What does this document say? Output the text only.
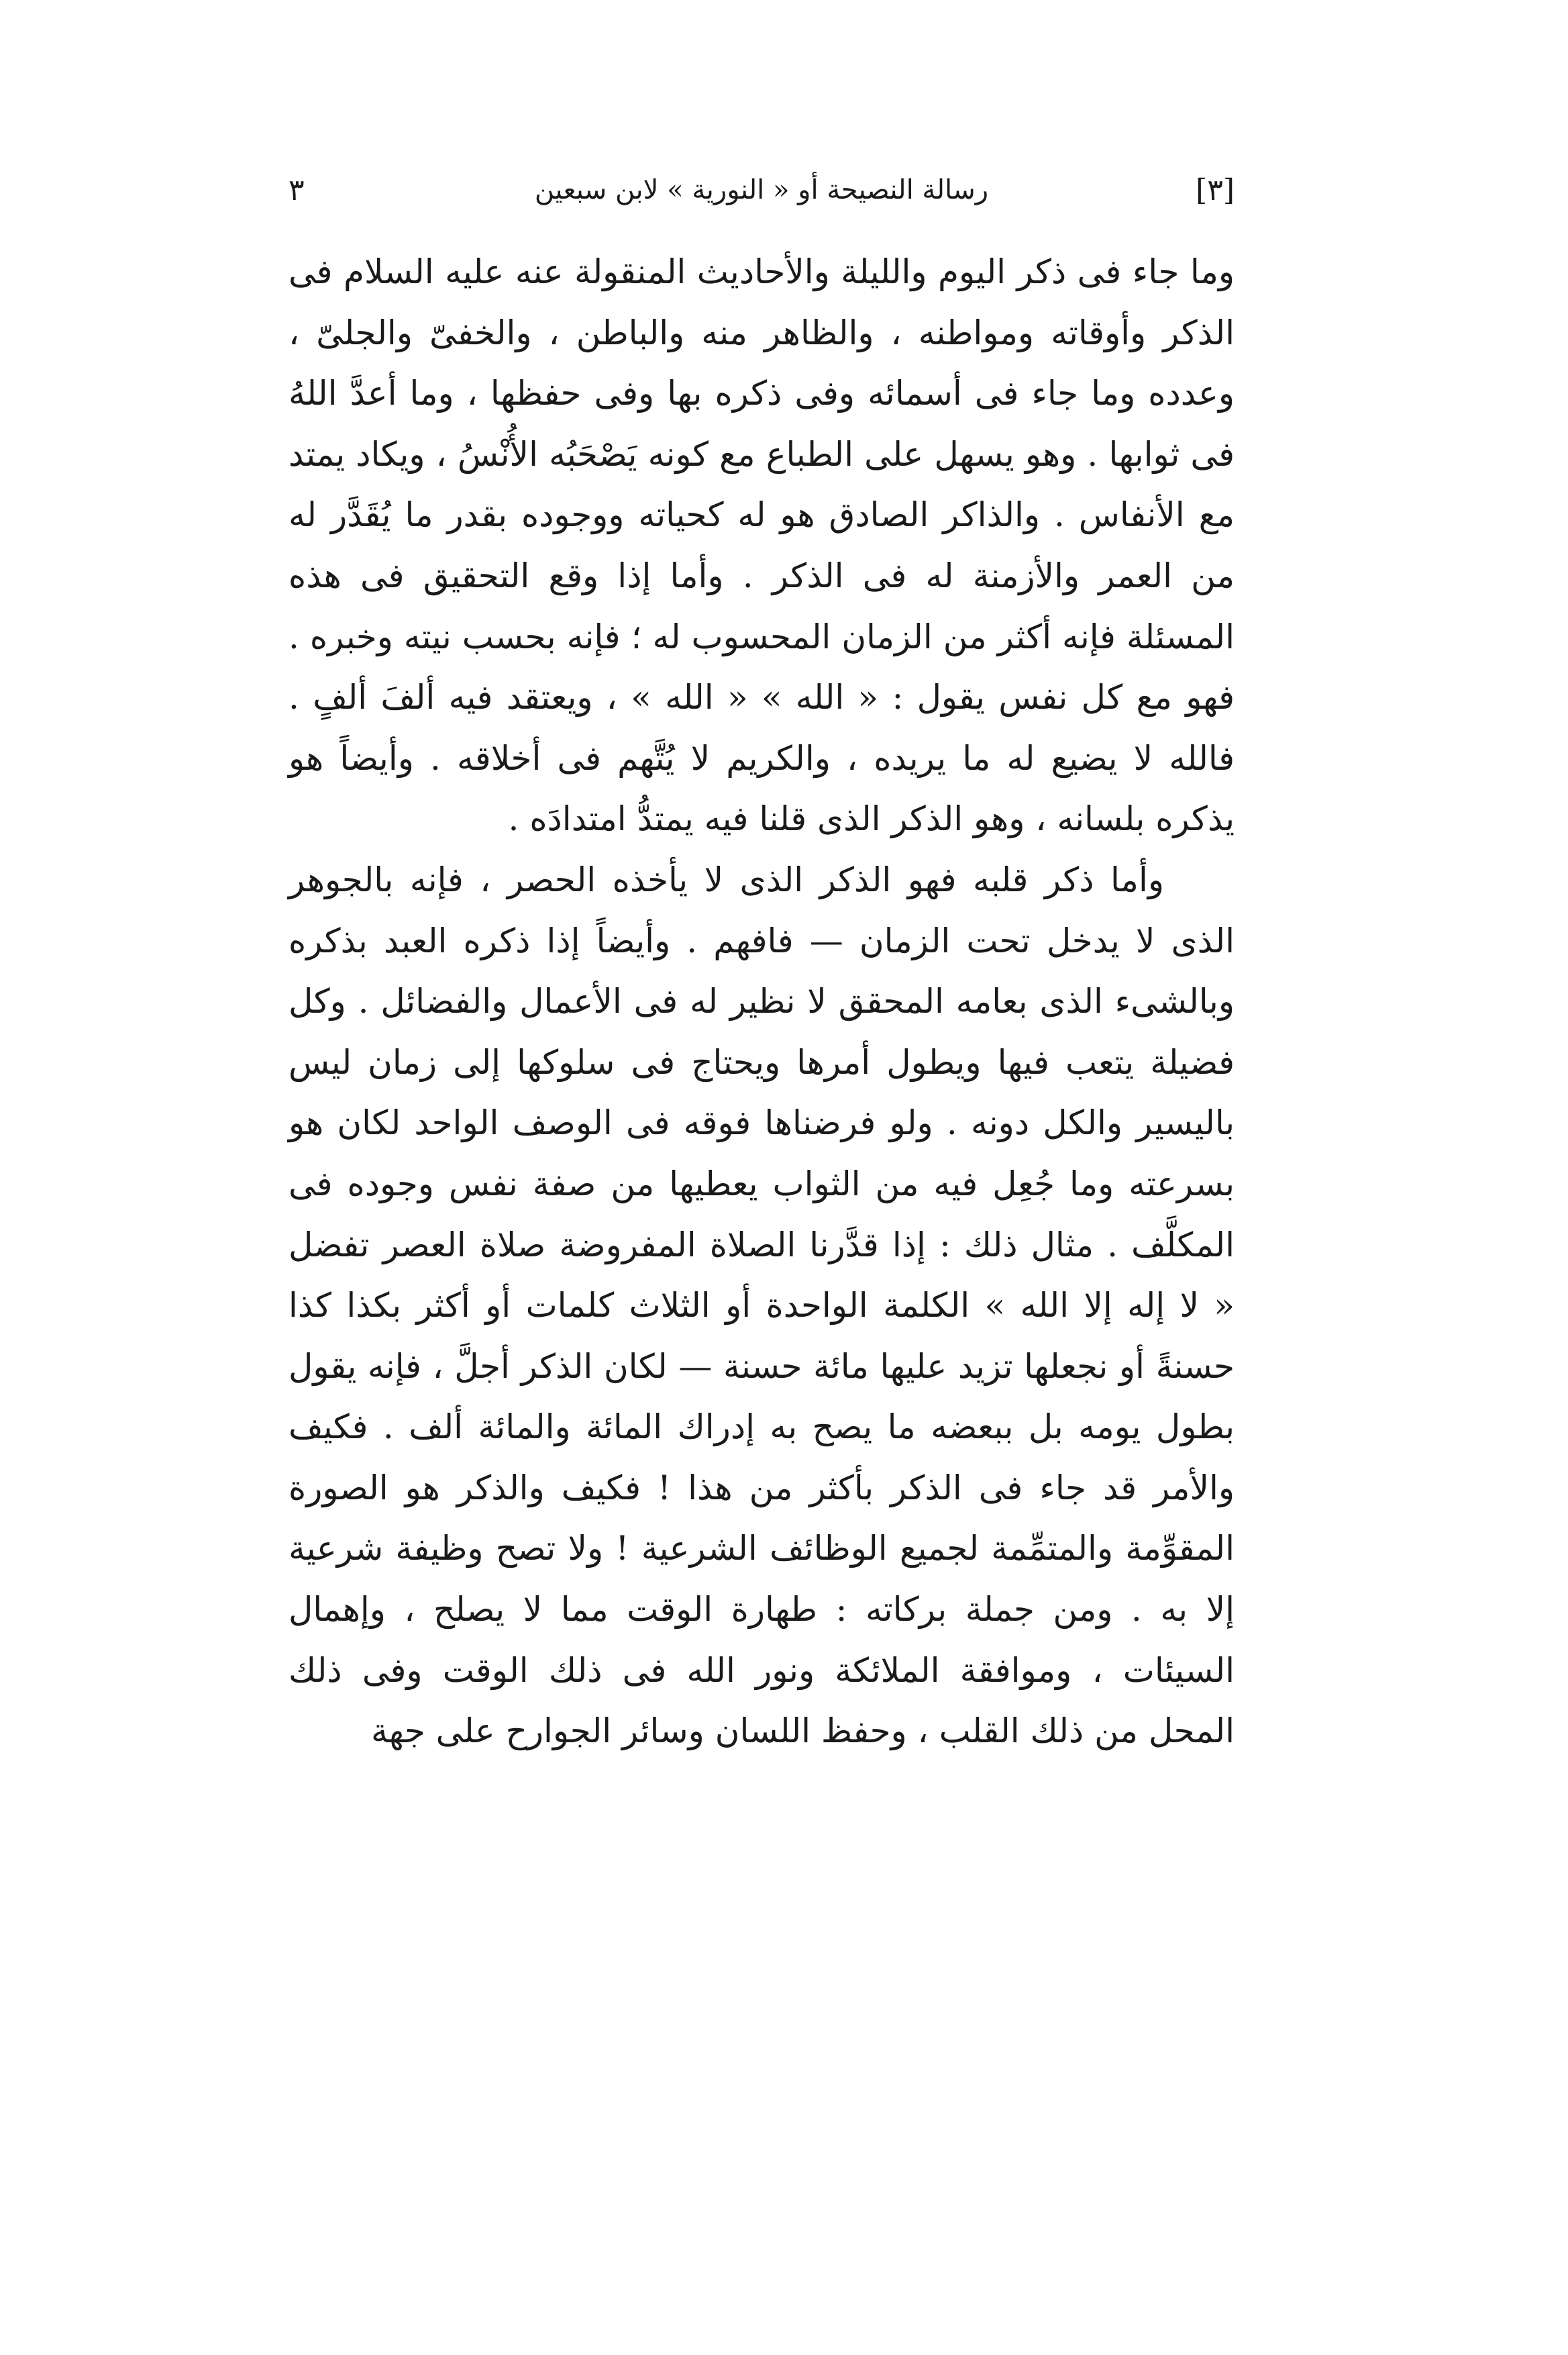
٣	رسالة النصيحة أو « النورية » لابن سبعين	[٣]

وما جاء فى ذكر اليوم والليلة والأحاديث المنقولة عنه عليه السلام فى الذكر وأوقاته ومواطنه ، والظاهر منه والباطن ، والخفىّ والجلىّ ، وعدده وما جاء فى أسمائه وفى ذكره بها وفى حفظها ، وما أعدَّ اللهُ فى ثوابها . وهو يسهل على الطباع مع كونه يَصْحَبُه الأُنْسُ ، ويكاد يمتد مع الأنفاس . والذاكر الصادق هو له كحياته ووجوده بقدر ما يُقَدَّر له من العمر والأزمنة له فى الذكر . وأما إذا وقع التحقيق فى هذه المسئلة فإنه أكثر من الزمان المحسوب له ؛ فإنه بحسب نيته وخبره . فهو مع كل نفس يقول : « الله » « الله » ، ويعتقد فيه ألفَ ألفٍ . فالله لا يضيع له ما يريده ، والكريم لا يُتَّهم فى أخلاقه . وأيضاً هو يذكره بلسانه ، وهو الذكر الذى قلنا فيه يمتدُّ امتدادَه .

وأما ذكر قلبه فهو الذكر الذى لا يأخذه الحصر ، فإنه بالجوهر الذى لا يدخل تحت الزمان — فافهم . وأيضاً إذا ذكره العبد بذكره وبالشىء الذى بعامه المحقق لا نظير له فى الأعمال والفضائل . وكل فضيلة يتعب فيها ويطول أمرها ويحتاج فى سلوكها إلى زمان ليس باليسير والكل دونه . ولو فرضناها فوقه فى الوصف الواحد لكان هو بسرعته وما جُعِل فيه من الثواب يعطيها من صفة نفس وجوده فى المكلَّف . مثال ذلك : إذا قدَّرنا الصلاة المفروضة صلاة العصر تفضل « لا إله إلا الله » الكلمة الواحدة أو الثلاث كلمات أو أكثر بكذا كذا حسنةً أو نجعلها تزيد عليها مائة حسنة — لكان الذكر أجلَّ ، فإنه يقول بطول يومه بل ببعضه ما يصح به إدراك المائة والمائة ألف . فكيف والأمر قد جاء فى الذكر بأكثر من هذا ! فكيف والذكر هو الصورة المقوِّمة والمتمِّمة لجميع الوظائف الشرعية ! ولا تصح وظيفة شرعية إلا به . ومن جملة بركاته : طهارة الوقت مما لا يصلح ، وإهمال السيئات ، وموافقة الملائكة ونور الله فى ذلك الوقت وفى ذلك المحل من ذلك القلب ، وحفظ اللسان وسائر الجوارح على جهة
